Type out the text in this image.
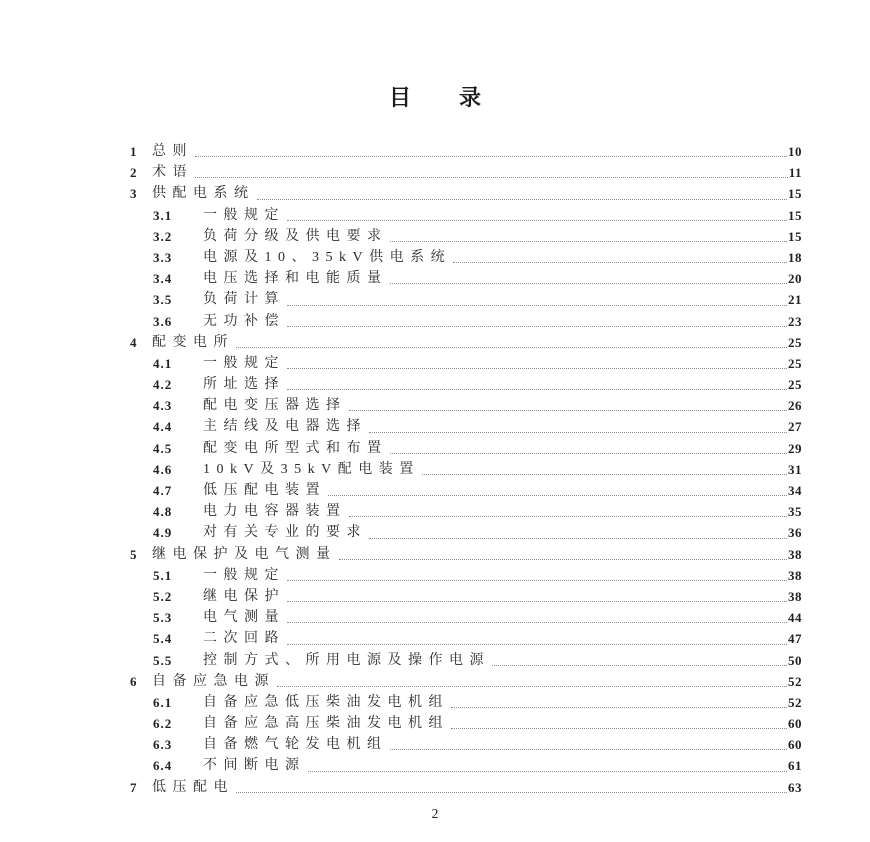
目 录
1	总则	10
2	术语	11
3	供配电系统	15
3.1	一般规定	15
3.2	负荷分级及供电要求	15
3.3	电源及10、35kV供电系统	18
3.4	电压选择和电能质量	20
3.5	负荷计算	21
3.6	无功补偿	23
4	配变电所	25
4.1	一般规定	25
4.2	所址选择	25
4.3	配电变压器选择	26
4.4	主结线及电器选择	27
4.5	配变电所型式和布置	29
4.6	10kV及35kV配电装置	31
4.7	低压配电装置	34
4.8	电力电容器装置	35
4.9	对有关专业的要求	36
5	继电保护及电气测量	38
5.1	一般规定	38
5.2	继电保护	38
5.3	电气测量	44
5.4	二次回路	47
5.5	控制方式、所用电源及操作电源	50
6	自备应急电源	52
6.1	自备应急低压柴油发电机组	52
6.2	自备应急高压柴油发电机组	60
6.3	自备燃气轮发电机组	60
6.4	不间断电源	61
7	低压配电	63
2
